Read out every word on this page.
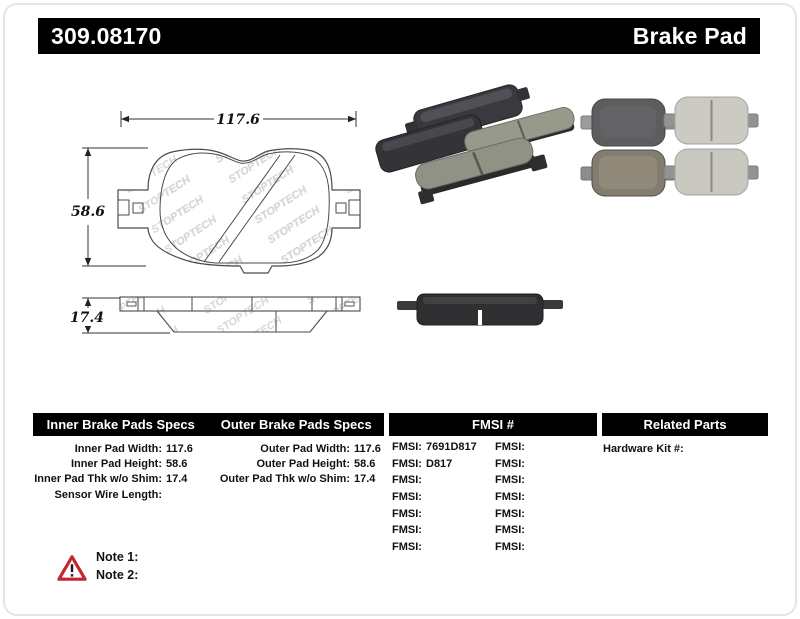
309.08170	Brake Pad
117.6
58.6
17.4
Inner Brake Pads Specs	Outer Brake Pads Specs	FMSI #	Related Parts
Inner Pad Width: 117.6
Inner Pad Height: 58.6
Inner Pad Thk w/o Shim: 17.4
Sensor Wire Length:
Outer Pad Width: 117.6
Outer Pad Height: 58.6
Outer Pad Thk w/o Shim: 17.4
FMSI: 7691D817
FMSI: D817
FMSI:
FMSI:
FMSI:
FMSI:
FMSI:
FMSI:
FMSI:
FMSI:
FMSI:
FMSI:
FMSI:
FMSI:
Hardware Kit #:
Note 1:
Note 2:
